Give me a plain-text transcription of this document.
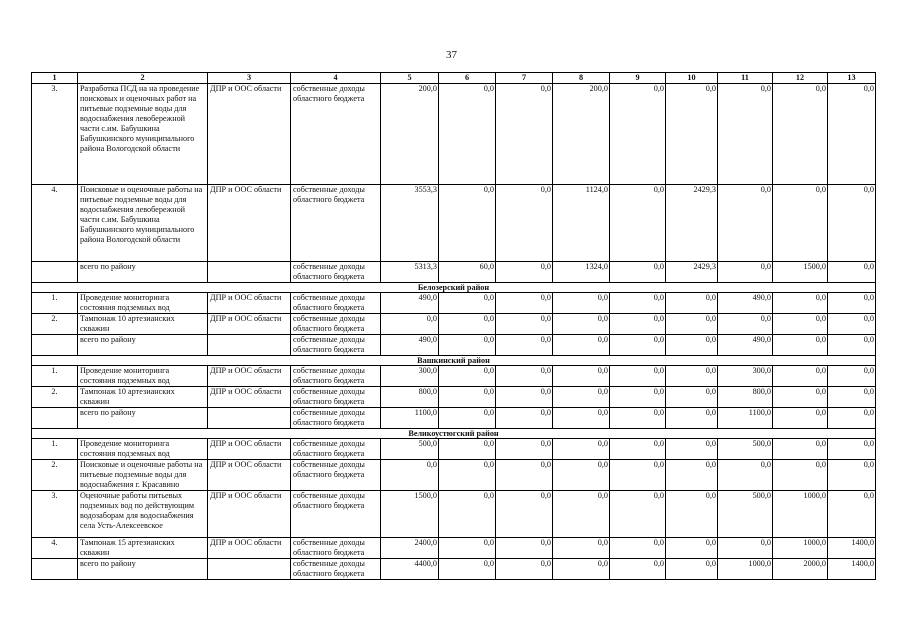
37
1	2	3	4	5	6	7	8	9	10	11	12	13
3.	Разработка ПСД на на проведение поисковых и оценочных работ на питьевые подземные воды для водоснабжения левобережной части с.им. Бабушкина Бабушкинского муниципального района Вологодской области	ДПР и ООС области	собственные доходы областного бюджета	200,0	0,0	0,0	200,0	0,0	0,0	0,0	0,0	0,0
4.	Поисковые и оценочные работы на питьевые подземные воды для водоснабжения левобережной части с.им. Бабушкина Бабушкинского муниципального района Вологодской области	ДПР и ООС области	собственные доходы областного бюджета	3553,3	0,0	0,0	1124,0	0,0	2429,3	0,0	0,0	0,0
	всего по району		собственные доходы областного бюджета	5313,3	60,0	0,0	1324,0	0,0	2429,3	0,0	1500,0	0,0
Белозерский район												
1.	Проведение мониторинга состояния подземных вод	ДПР и ООС области	собственные доходы областного бюджета	490,0	0,0	0,0	0,0	0,0	0,0	490,0	0,0	0,0
2.	Тампонаж 10 артезианских скважин	ДПР и ООС области	собственные доходы областного бюджета	0,0	0,0	0,0	0,0	0,0	0,0	0,0	0,0	0,0
	всего по району		собственные доходы областного бюджета	490,0	0,0	0,0	0,0	0,0	0,0	490,0	0,0	0,0
Вашкинский район												
1.	Проведение мониторинга состояния подземных вод	ДПР и ООС области	собственные доходы областного бюджета	300,0	0,0	0,0	0,0	0,0	0,0	300,0	0,0	0,0
2.	Тампонаж 10 артезианских скважин	ДПР и ООС области	собственные доходы областного бюджета	800,0	0,0	0,0	0,0	0,0	0,0	800,0	0,0	0,0
	всего по району		собственные доходы областного бюджета	1100,0	0,0	0,0	0,0	0,0	0,0	1100,0	0,0	0,0
Великоустюгский район												
1.	Проведение мониторинга состояния подземных вод	ДПР и ООС области	собственные доходы областного бюджета	500,0	0,0	0,0	0,0	0,0	0,0	500,0	0,0	0,0
2.	Поисковые и оценочные работы на питьевые подземные воды для водоснабжения г. Красавино	ДПР и ООС области	собственные доходы областного бюджета	0,0	0,0	0,0	0,0	0,0	0,0	0,0	0,0	0,0
3.	Оценочные работы питьевых подземных вод по действующим водозаборам для водоснабжения села Усть-Алексеевское	ДПР и ООС области	собственные доходы областного бюджета	1500,0	0,0	0,0	0,0	0,0	0,0	500,0	1000,0	0,0
4.	Тампонаж 15 артезианских скважин	ДПР и ООС области	собственные доходы областного бюджета	2400,0	0,0	0,0	0,0	0,0	0,0	0,0	1000,0	1400,0
	всего по району		собственные доходы областного бюджета	4400,0	0,0	0,0	0,0	0,0	0,0	1000,0	2000,0	1400,0
